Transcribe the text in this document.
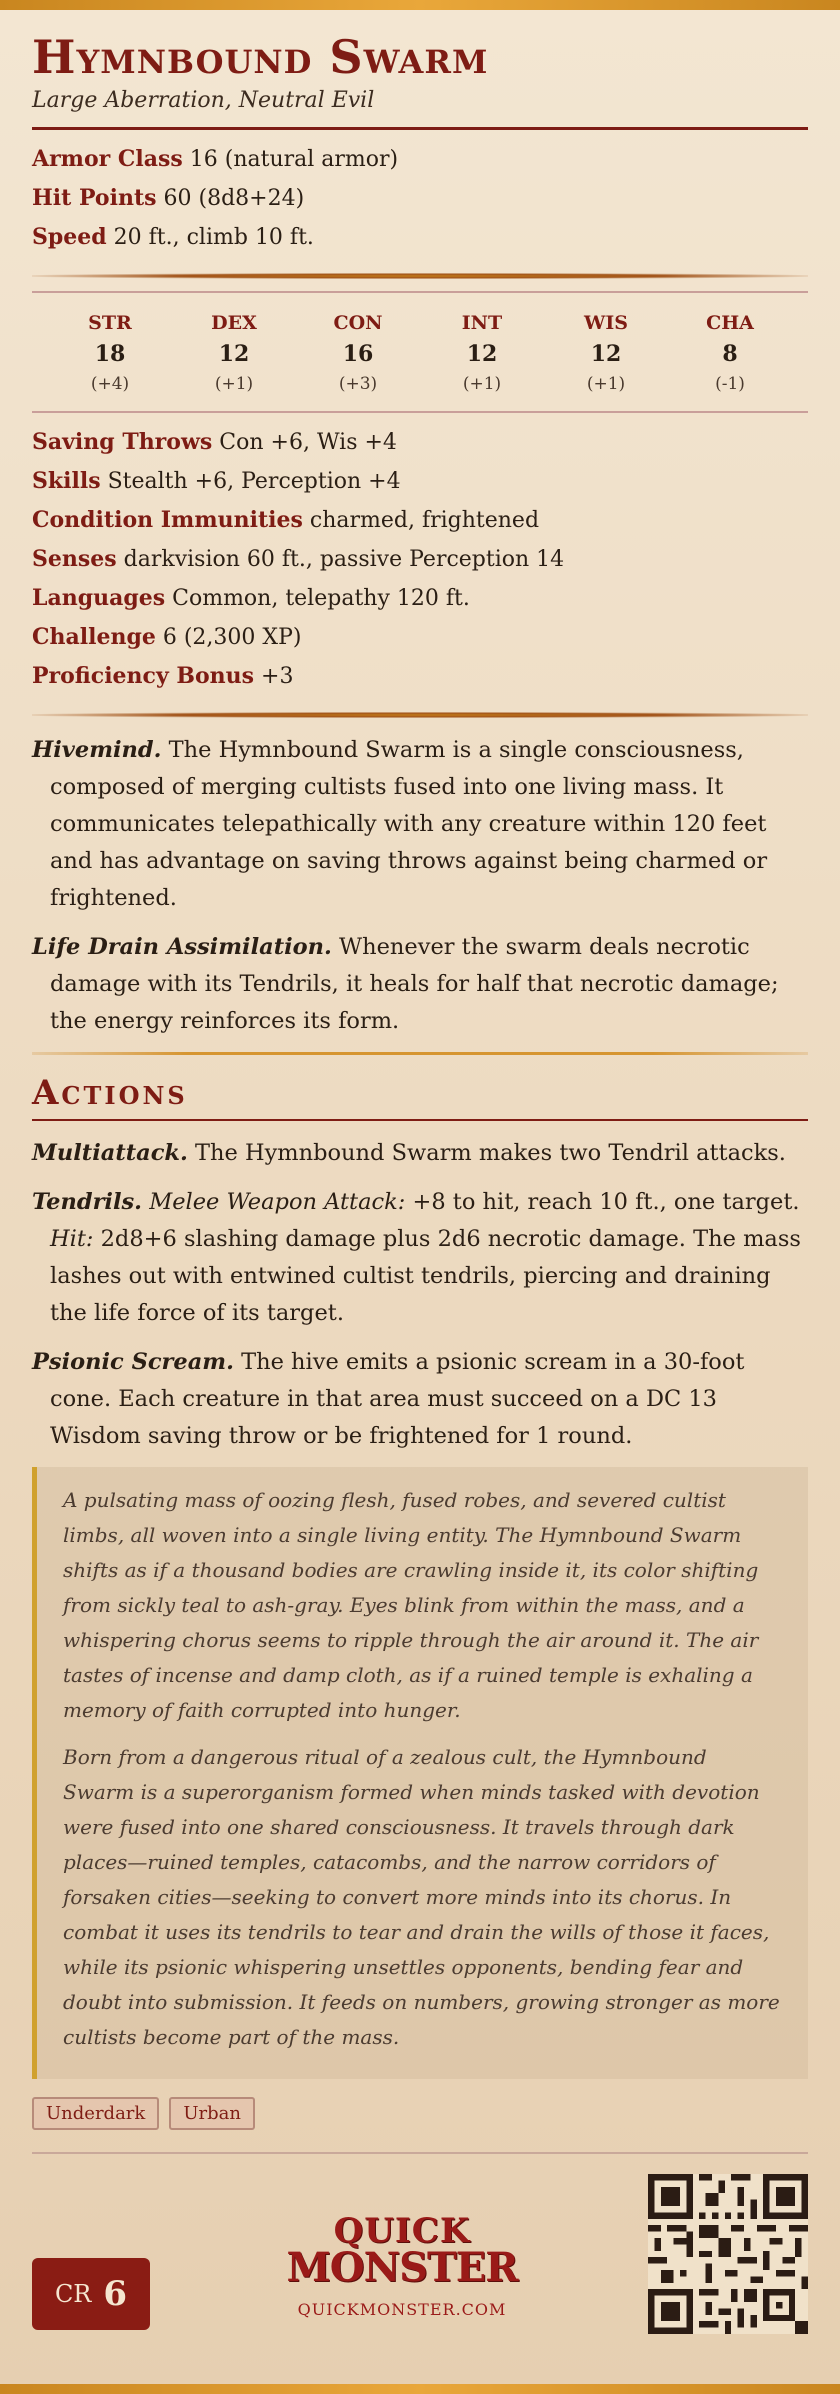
Hymnbound Swarm
Large Aberration, Neutral Evil
Armor Class 16 (natural armor)
Hit Points 60 (8d8+24)
Speed 20 ft., climb 10 ft.
STR
18
(+4)
DEX
12
(+1)
CON
16
(+3)
INT
12
(+1)
WIS
12
(+1)
CHA
8
(-1)
Saving Throws Con +6, Wis +4
Skills Stealth +6, Perception +4
Condition Immunities charmed, frightened
Senses darkvision 60 ft., passive Perception 14
Languages Common, telepathy 120 ft.
Challenge 6 (2,300 XP)
Proficiency Bonus +3

Hivemind. The Hymnbound Swarm is a single consciousness, composed of merging cultists fused into one living mass. It communicates telepathically with any creature within 120 feet and has advantage on saving throws against being charmed or frightened.

Life Drain Assimilation. Whenever the swarm deals necrotic damage with its Tendrils, it heals for half that necrotic damage; the energy reinforces its form.

Actions

Multiattack. The Hymnbound Swarm makes two Tendril attacks.

Tendrils. Melee Weapon Attack: +8 to hit, reach 10 ft., one target. Hit: 2d8+6 slashing damage plus 2d6 necrotic damage. The mass lashes out with entwined cultist tendrils, piercing and draining the life force of its target.

Psionic Scream. The hive emits a psionic scream in a 30-foot cone. Each creature in that area must succeed on a DC 13 Wisdom saving throw or be frightened for 1 round.

A pulsating mass of oozing flesh, fused robes, and severed cultist limbs, all woven into a single living entity. The Hymnbound Swarm shifts as if a thousand bodies are crawling inside it, its color shifting from sickly teal to ash-gray. Eyes blink from within the mass, and a whispering chorus seems to ripple through the air around it. The air tastes of incense and damp cloth, as if a ruined temple is exhaling a memory of faith corrupted into hunger.

Born from a dangerous ritual of a zealous cult, the Hymnbound Swarm is a superorganism formed when minds tasked with devotion were fused into one shared consciousness. It travels through dark places—ruined temples, catacombs, and the narrow corridors of forsaken cities—seeking to convert more minds into its chorus. In combat it uses its tendrils to tear and drain the wills of those it faces, while its psionic whispering unsettles opponents, bending fear and doubt into submission. It feeds on numbers, growing stronger as more cultists become part of the mass.

Underdark	Urban
CR 6
QUICK
MONSTER
QUICKMONSTER.COM
